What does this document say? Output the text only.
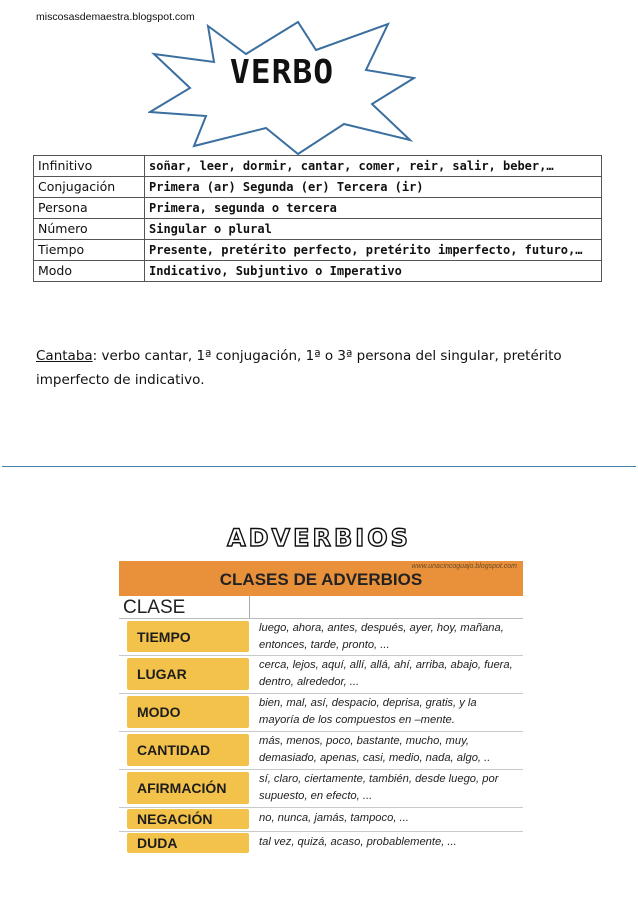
miscosasdemaestra.blogspot.com
VERBO
Infinitivo	soñar, leer, dormir, cantar, comer, reir, salir, beber,…
Conjugación	Primera (ar) Segunda (er) Tercera (ir)
Persona	Primera, segunda o tercera
Número	Singular o plural
Tiempo	Presente, pretérito perfecto, pretérito imperfecto, futuro,…
Modo	Indicativo, Subjuntivo o Imperativo
Cantaba: verbo cantar, 1ª conjugación, 1ª o 3ª persona del singular, pretérito imperfecto de indicativo.
ADVERBIOS
CLASES DE ADVERBIOS
www.unacincoguajo.blogspot.com
CLASE
TIEMPO
luego, ahora, antes, después, ayer, hoy, mañana, entonces, tarde, pronto, ...
LUGAR
cerca, lejos, aquí, allí, allá, ahí, arriba, abajo, fuera, dentro, alrededor, ...
MODO
bien, mal, así, despacio, deprisa, gratis, y la mayoría de los compuestos en –mente.
CANTIDAD
más, menos, poco, bastante, mucho, muy, demasiado, apenas, casi, medio, nada, algo, ..
AFIRMACIÓN
sí, claro, ciertamente, también, desde luego, por supuesto, en efecto, ...
NEGACIÓN	no, nunca, jamás, tampoco, ...
DUDA	tal vez, quizá, acaso, probablemente, ...
